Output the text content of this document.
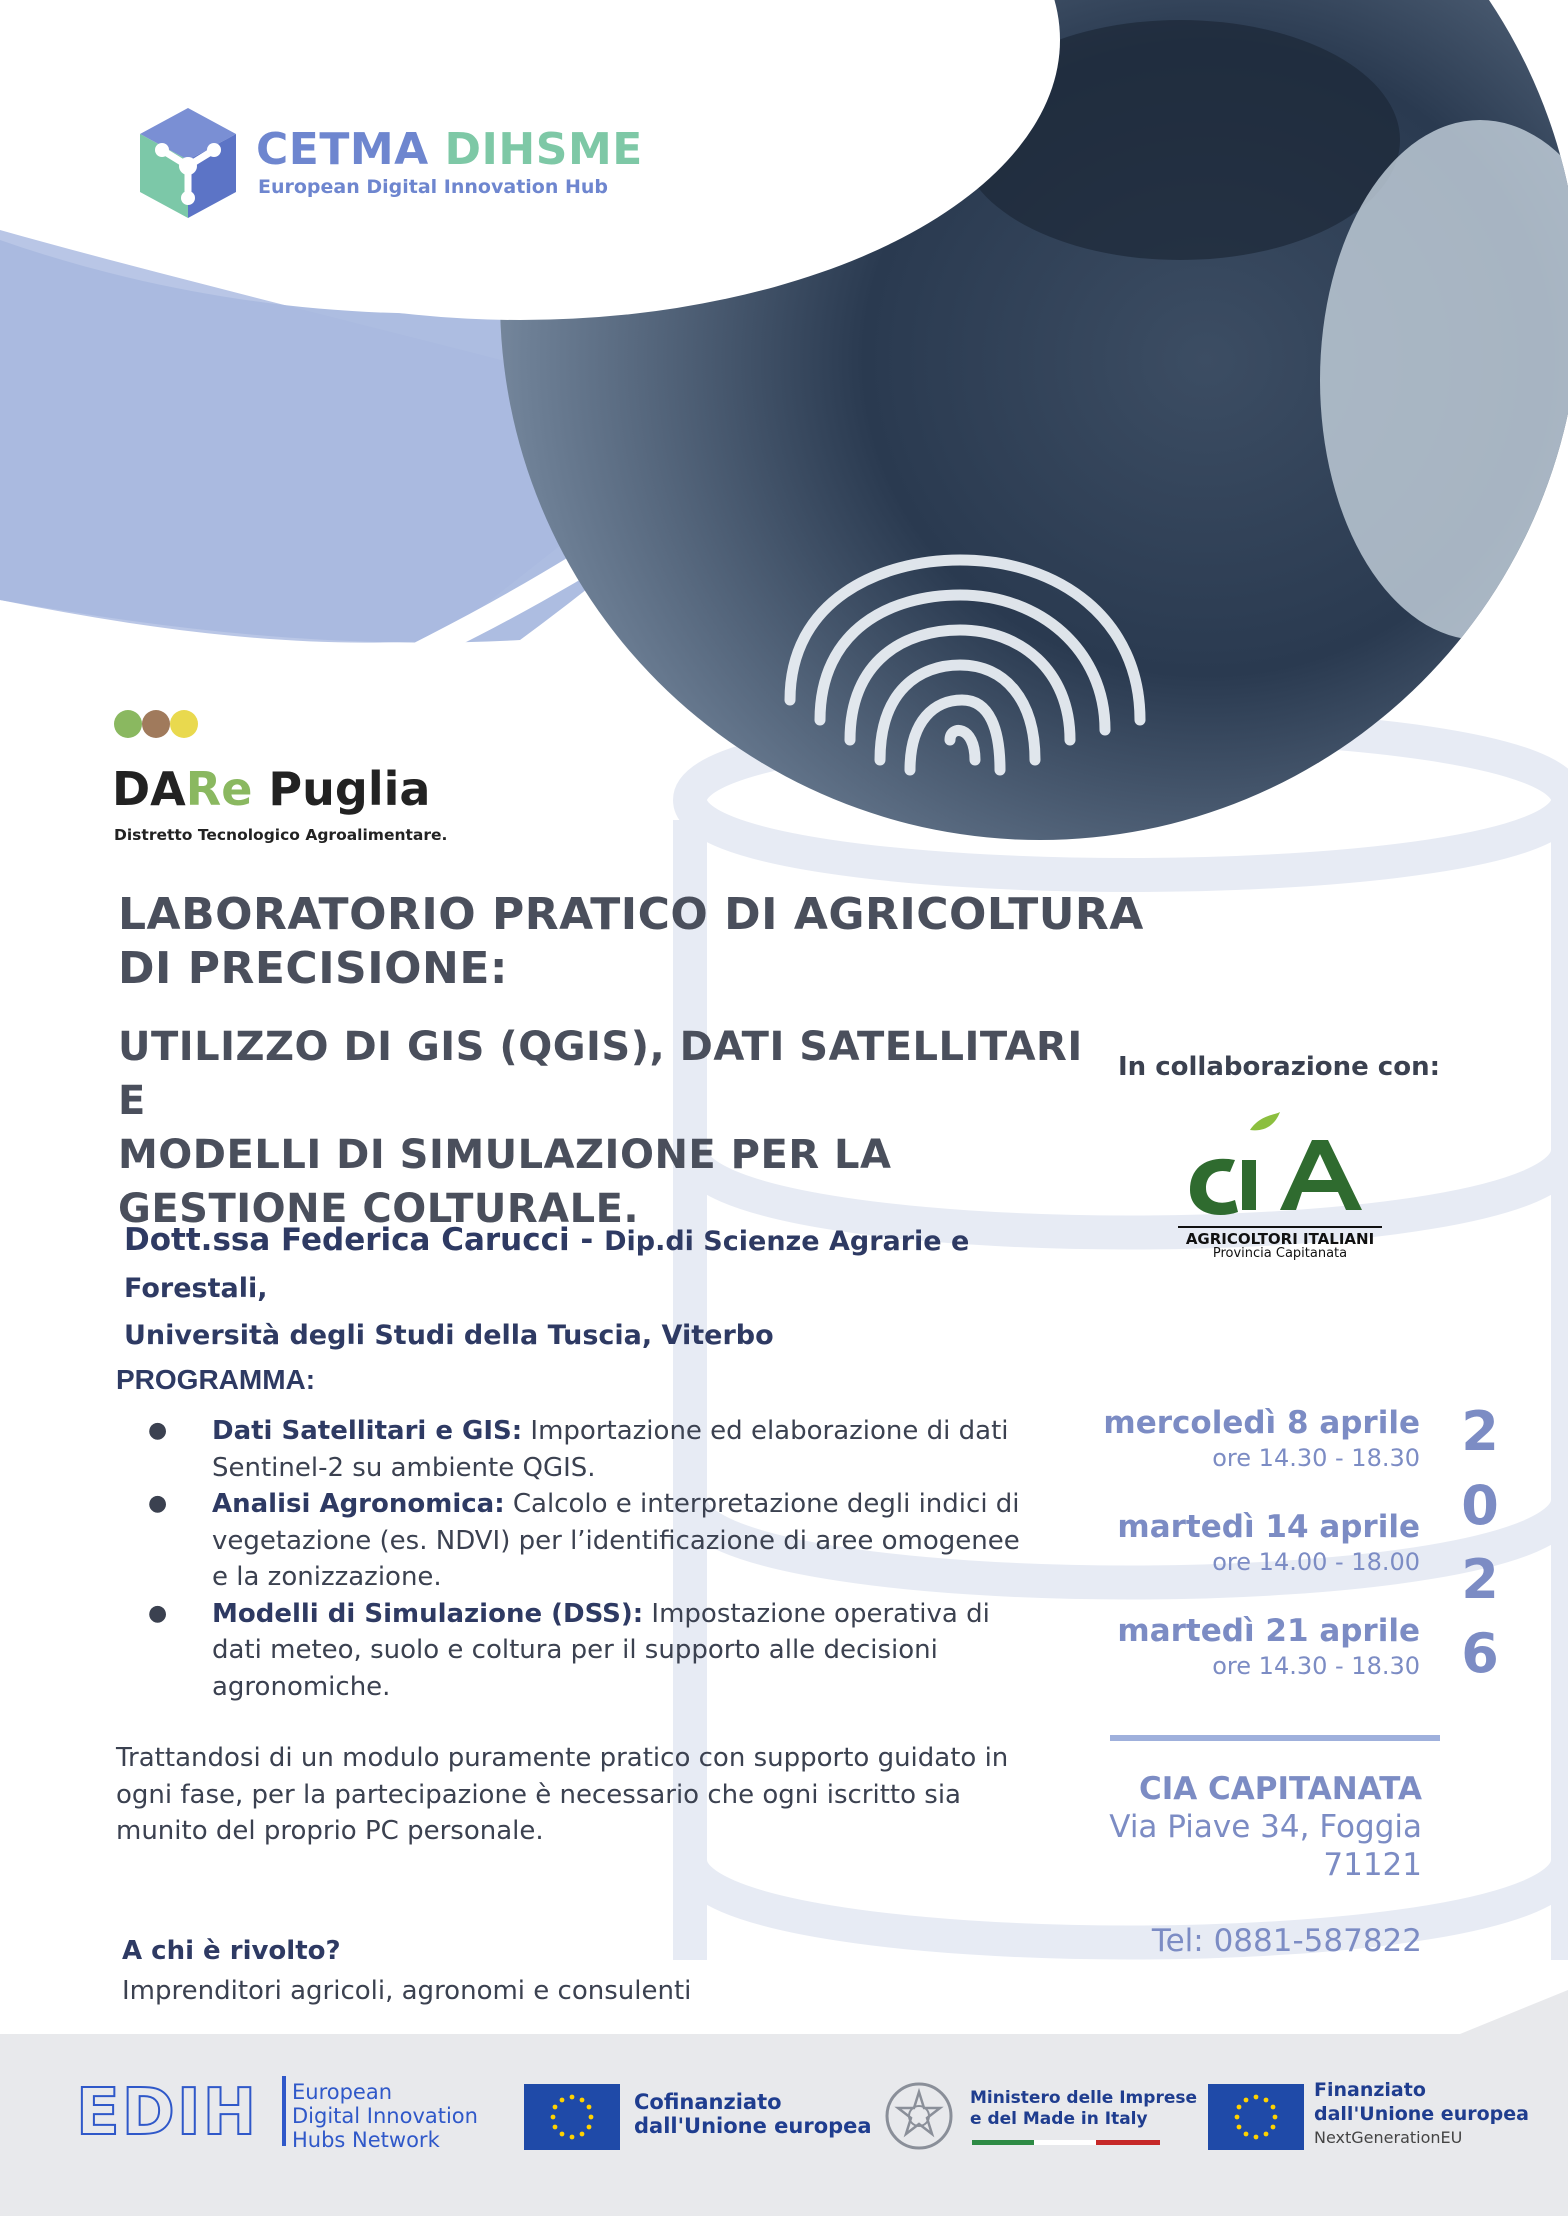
CETMA DIHSME
European Digital Innovation Hub
DARe Puglia
Distretto Tecnologico Agroalimentare.
LABORATORIO PRATICO DI AGRICOLTURA
DI PRECISIONE:
UTILIZZO DI GIS (QGIS), DATI SATELLITARI E
MODELLI DI SIMULAZIONE PER LA
GESTIONE COLTURALE.
Dott.ssa Federica Carucci - Dip.di Scienze Agrarie e Forestali,
Università degli Studi della Tuscia, Viterbo
PROGRAMMA:
● Dati Satellitari e GIS: Importazione ed elaborazione di dati Sentinel-2 su ambiente QGIS.
● Analisi Agronomica: Calcolo e interpretazione degli indici di vegetazione (es. NDVI) per l’identificazione di aree omogenee e la zonizzazione.
● Modelli di Simulazione (DSS): Impostazione operativa di dati meteo, suolo e coltura per il supporto alle decisioni agronomiche.
Trattandosi di un modulo puramente pratico con supporto guidato in ogni fase, per la partecipazione è necessario che ogni iscritto sia munito del proprio PC personale.
A chi è rivolto?
Imprenditori agricoli, agronomi e consulenti
In collaborazione con:
AGRICOLTORI ITALIANI
Provincia Capitanata
mercoledì 8 aprile
ore 14.30 - 18.30
martedì 14 aprile
ore 14.00 - 18.00
martedì 21 aprile
ore 14.30 - 18.30
2
0
2
6
CIA CAPITANATA
Via Piave 34, Foggia
71121
Tel: 0881-587822
EDIH European
Digital Innovation
Hubs Network
Cofinanziato
dall'Unione europea
Ministero delle Imprese
e del Made in Italy
Finanziato
dall'Unione europea
NextGenerationEU
